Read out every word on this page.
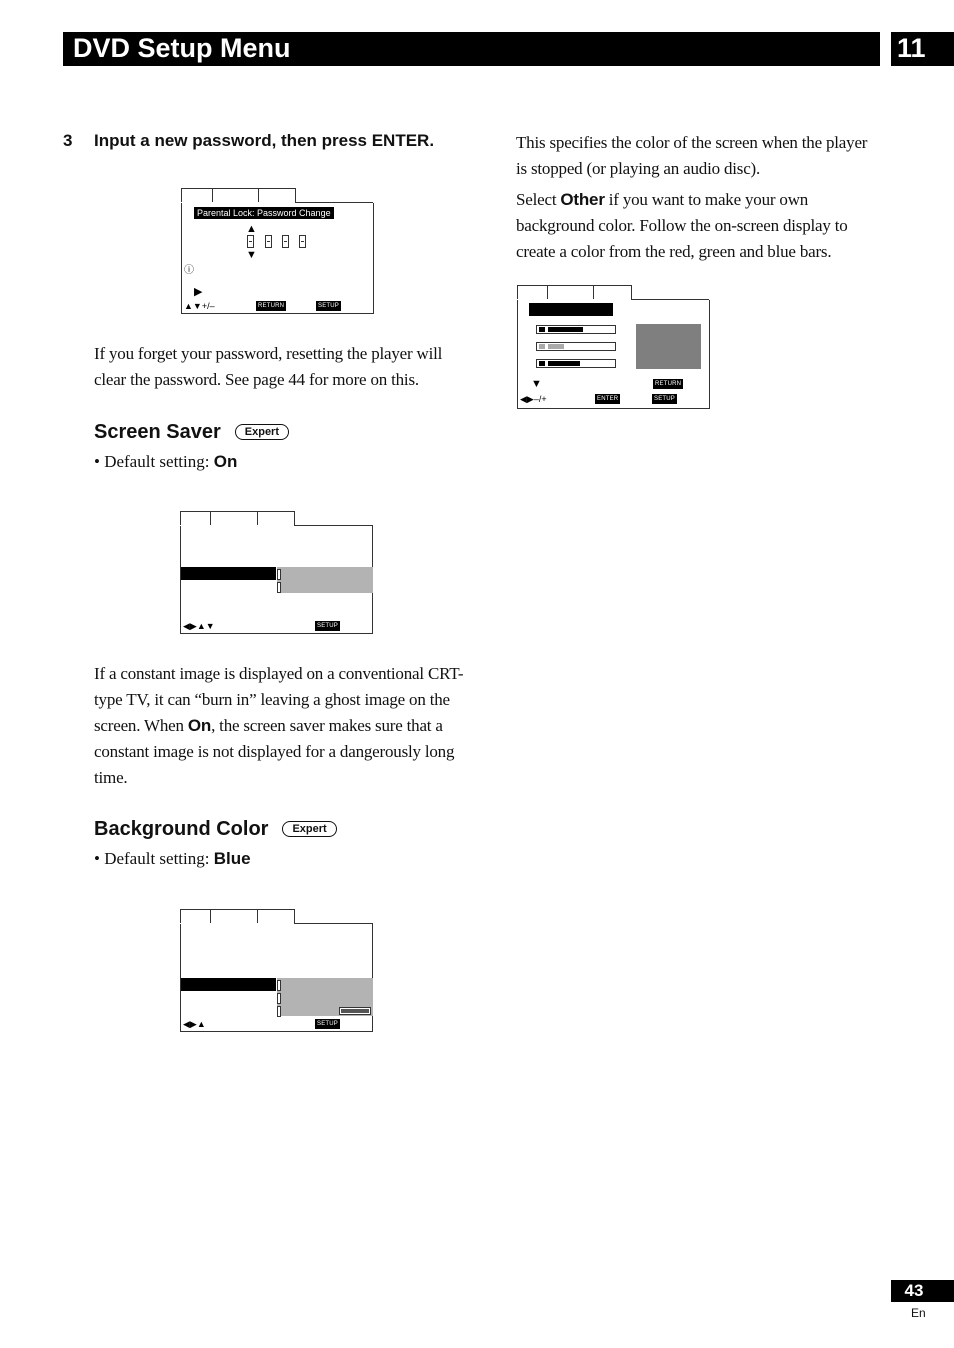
DVD Setup Menu	11
3 Input a new password, then press ENTER.
Parental Lock: Password Change
▲
▼
ⓘ
▶
▲▼+/–	RETURN	SETUP
If you forget your password, resetting the player will clear the password. See page 44 for more on this.
Screen Saver Expert
• Default setting: On
◀▶▲▼	SETUP
If a constant image is displayed on a conventional CRT-type TV, it can “burn in” leaving a ghost image on the screen. When On, the screen saver makes sure that a constant image is not displayed for a dangerously long time.
Background Color Expert
• Default setting: Blue
◀▶▲	SETUP
This specifies the color of the screen when the player is stopped (or playing an audio disc).
Select Other if you want to make your own background color. Follow the on-screen display to create a color from the red, green and blue bars.
RETURN
▼
◀▶–/+	ENTER	SETUP
43
En
